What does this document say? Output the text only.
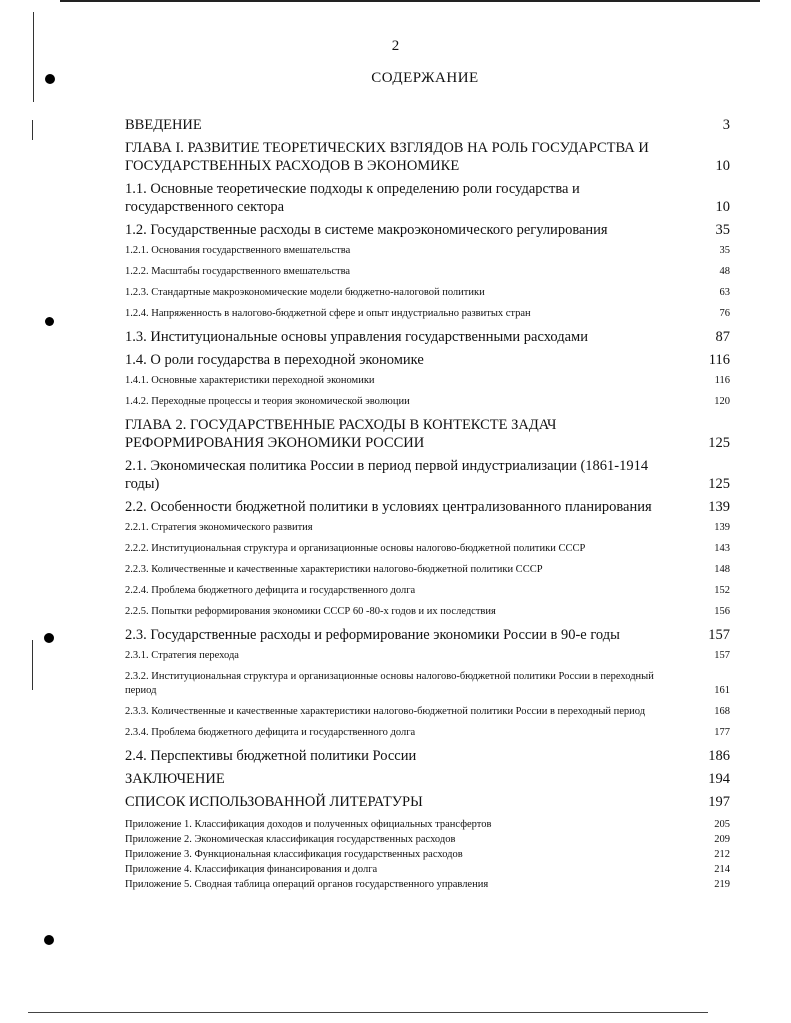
2
СОДЕРЖАНИЕ
ВВЕДЕНИЕ	3
ГЛАВА I. РАЗВИТИЕ ТЕОРЕТИЧЕСКИХ ВЗГЛЯДОВ НА РОЛЬ ГОСУДАРСТВА И ГОСУДАРСТВЕННЫХ РАСХОДОВ В ЭКОНОМИКЕ	10
1.1. Основные теоретические подходы к определению роли государства и государственного сектора	10
1.2. Государственные расходы в системе макроэкономического регулирования	35
1.2.1. Основания государственного вмешательства	35
1.2.2. Масштабы государственного вмешательства	48
1.2.3. Стандартные макроэкономические модели бюджетно-налоговой политики	63
1.2.4. Напряженность в налогово-бюджетной сфере и опыт индустриально развитых стран	76
1.3. Институциональные основы управления государственными расходами	87
1.4. О роли государства в переходной экономике	116
1.4.1. Основные характеристики переходной экономики	116
1.4.2. Переходные процессы и теория экономической эволюции	120
ГЛАВА 2. ГОСУДАРСТВЕННЫЕ РАСХОДЫ В КОНТЕКСТЕ ЗАДАЧ РЕФОРМИРОВАНИЯ ЭКОНОМИКИ РОССИИ	125
2.1. Экономическая политика России в период первой индустриализации (1861-1914 годы)	125
2.2. Особенности бюджетной политики в условиях централизованного планирования	139
2.2.1. Стратегия экономического развития	139
2.2.2. Институциональная структура и организационные основы налогово-бюджетной политики СССР	143
2.2.3. Количественные и качественные характеристики налогово-бюджетной политики СССР	148
2.2.4. Проблема бюджетного дефицита и государственного долга	152
2.2.5. Попытки реформирования экономики СССР 60 -80-х годов и их последствия	156
2.3. Государственные расходы и реформирование экономики России в 90-е годы	157
2.3.1. Стратегия перехода	157
2.3.2. Институциональная структура и организационные основы налогово-бюджетной политики России в переходный период	161
2.3.3. Количественные и качественные характеристики налогово-бюджетной политики России в переходный период	168
2.3.4. Проблема бюджетного дефицита и государственного долга	177
2.4. Перспективы бюджетной политики России	186
ЗАКЛЮЧЕНИЕ	194
СПИСОК ИСПОЛЬЗОВАННОЙ ЛИТЕРАТУРЫ	197
Приложение 1. Классификация доходов и полученных официальных трансфертов	205
Приложение 2. Экономическая классификация государственных расходов	209
Приложение 3. Функциональная классификация государственных расходов	212
Приложение 4. Классификация финансирования и долга	214
Приложение 5. Сводная таблица операций органов государственного управления	219
